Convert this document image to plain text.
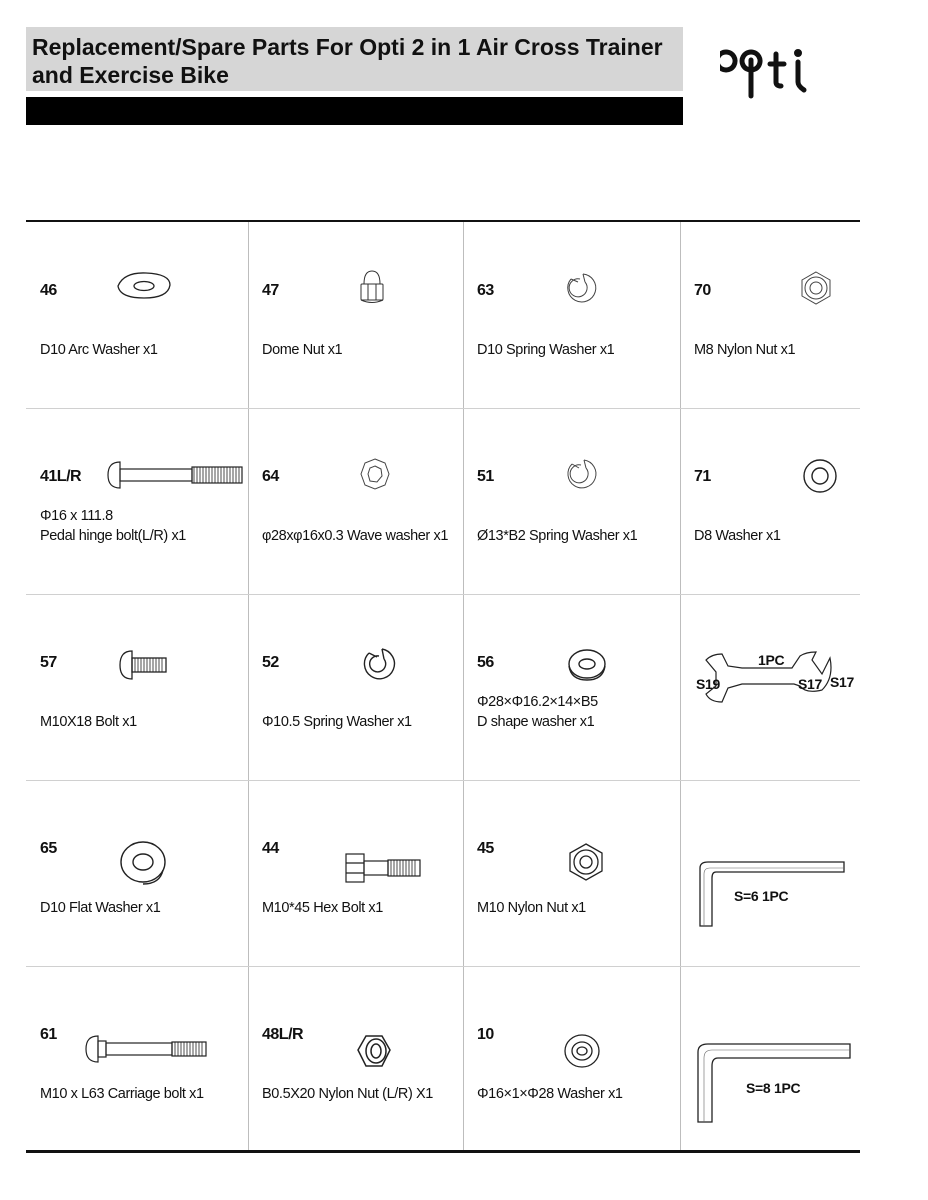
Replacement/Spare Parts For Opti 2 in 1 Air Cross Trainer and Exercise Bike
46
D10 Arc Washer x1
47
Dome Nut x1
63
D10 Spring Washer x1
70
M8 Nylon Nut x1
41L/R
Φ16 x 111.8
Pedal hinge bolt(L/R) x1
64
φ28xφ16x0.3 Wave washer x1
51
Ø13*B2 Spring Washer x1
71
D8 Washer x1
57
M10X18 Bolt x1
52
Φ10.5 Spring Washer x1
56
Φ28×Φ16.2×14×B5
D shape washer x1
1PC
S19	S17 S17
65
D10 Flat Washer x1
44
M10*45 Hex Bolt x1
45
M10 Nylon Nut x1
S=6 1PC
61
M10 x L63 Carriage bolt x1
48L/R
B0.5X20 Nylon Nut (L/R) X1
10
Φ16×1×Φ28 Washer x1	S=8 1PC
